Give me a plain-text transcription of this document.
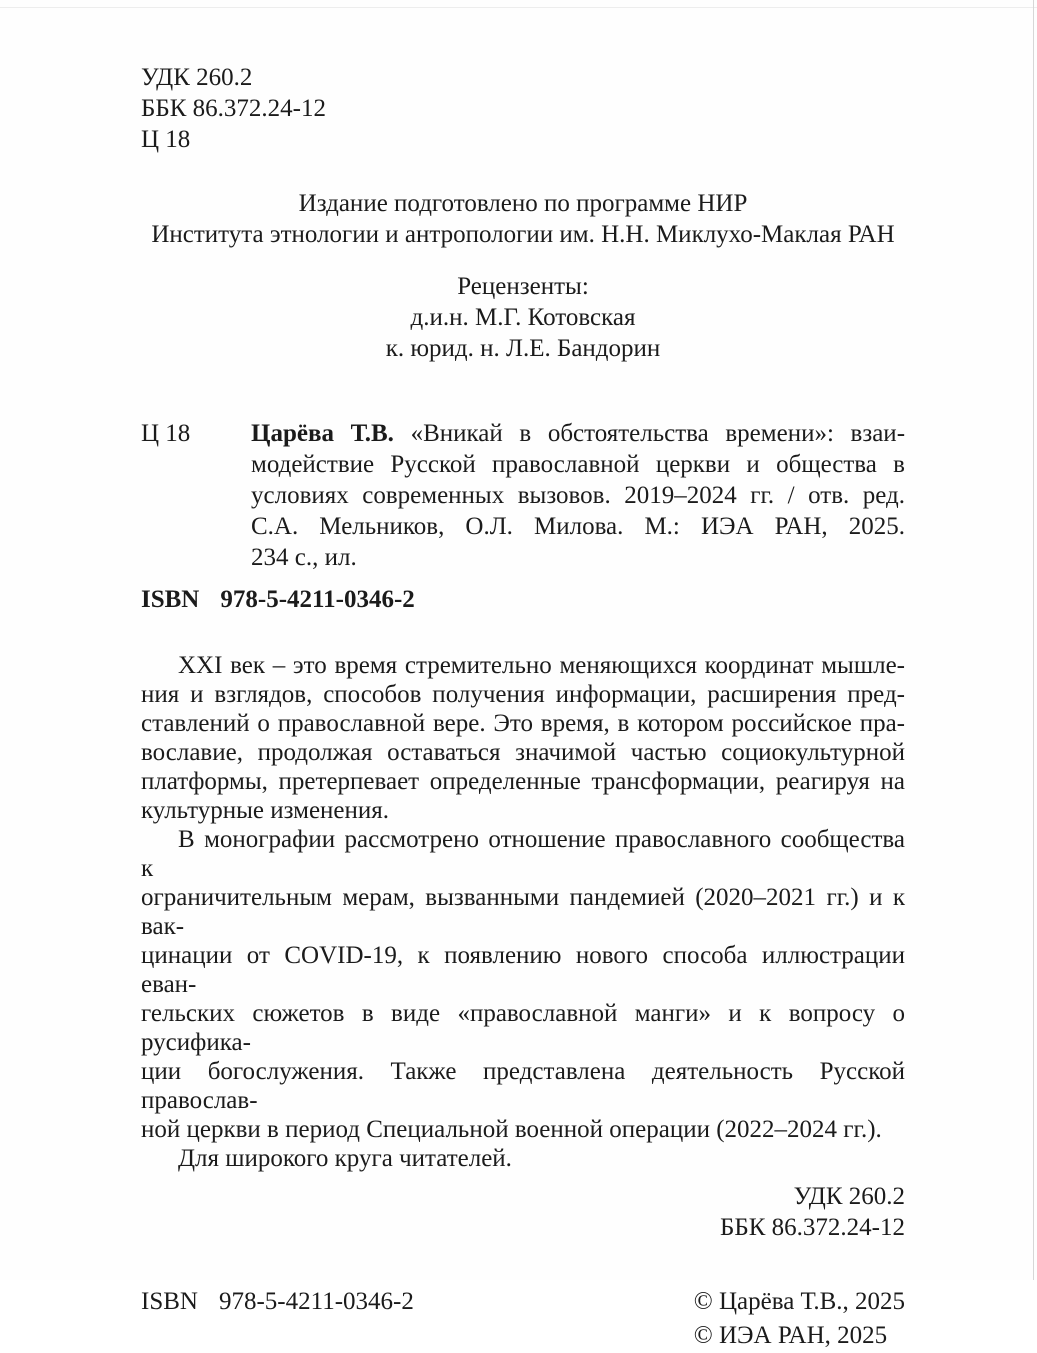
УДК 260.2
ББК 86.372.24-12
Ц 18
Издание подготовлено по программе НИР
Института этнологии и антропологии им. Н.Н. Миклухо-Маклая РАН
Рецензенты:
д.и.н. М.Г. Котовская
к. юрид. н. Л.Е. Бандорин
Ц 18 Царёва Т.В. «Вникай в обстоятельства времени»: взаи-
модействие Русской православной церкви и общества в
условиях современных вызовов. 2019–2024 гг. / отв. ред.
С.А. Мельников, О.Л. Милова. М.: ИЭА РАН, 2025.
234 с., ил.
ISBN 978-5-4211-0346-2
XXI век – это время стремительно меняющихся координат мышле-
ния и взглядов, способов получения информации, расширения пред-
ставлений о православной вере. Это время, в котором российское пра-
вославие, продолжая оставаться значимой частью социокультурной
платформы, претерпевает определенные трансформации, реагируя на
культурные изменения.
В монографии рассмотрено отношение православного сообщества к
ограничительным мерам, вызванными пандемией (2020–2021 гг.) и к вак-
цинации от COVID-19, к появлению нового способа иллюстрации еван-
гельских сюжетов в виде «православной манги» и к вопросу о русифика-
ции богослужения. Также представлена деятельность Русской православ-
ной церкви в период Специальной военной операции (2022–2024 гг.).
Для широкого круга читателей.
УДК 260.2
ББК 86.372.24-12
ISBN 978-5-4211-0346-2	© Царёва Т.В., 2025
© ИЭА РАН, 2025
